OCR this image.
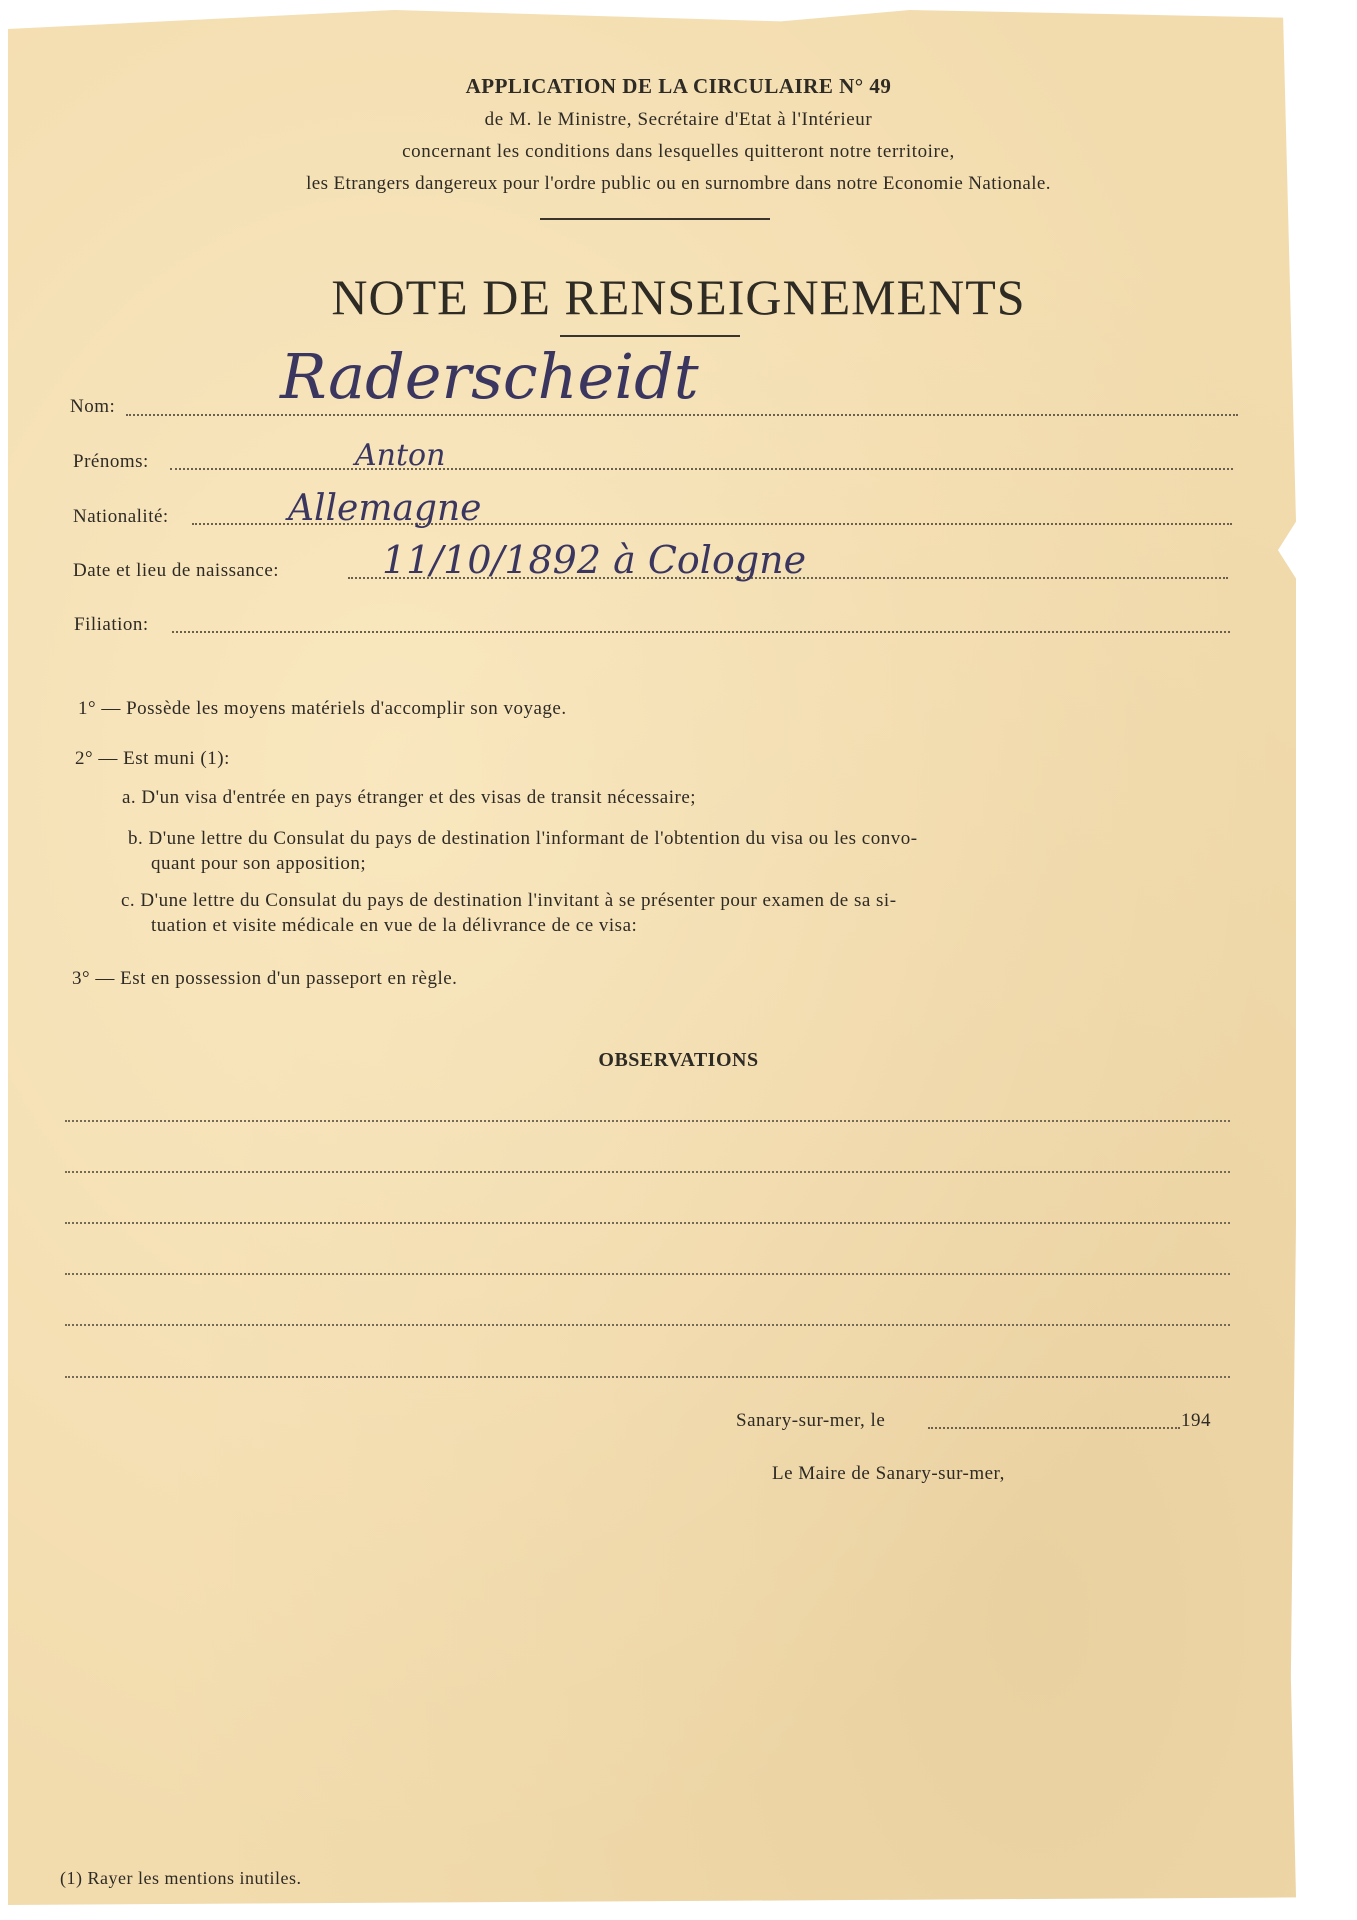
APPLICATION DE LA CIRCULAIRE N° 49
de M. le Ministre, Secrétaire d'Etat à l'Intérieur
concernant les conditions dans lesquelles quitteront notre territoire,
les Etrangers dangereux pour l'ordre public ou en surnombre dans notre Economie Nationale.
NOTE DE RENSEIGNEMENTS
Nom:	Raderscheidt
Prénoms:	Anton
Nationalité:	Allemagne
Date et lieu de naissance:	11/10/1892 à Cologne
Filiation:
1° — Possède les moyens matériels d'accomplir son voyage.
2° — Est muni (1):
a. D'un visa d'entrée en pays étranger et des visas de transit nécessaire;
b. D'une lettre du Consulat du pays de destination l'informant de l'obtention du visa ou les convo-
quant pour son apposition;
c. D'une lettre du Consulat du pays de destination l'invitant à se présenter pour examen de sa si-
tuation et visite médicale en vue de la délivrance de ce visa:
3° — Est en possession d'un passeport en règle.
OBSERVATIONS
Sanary-sur-mer, le	194
Le Maire de Sanary-sur-mer,
(1) Rayer les mentions inutiles.
